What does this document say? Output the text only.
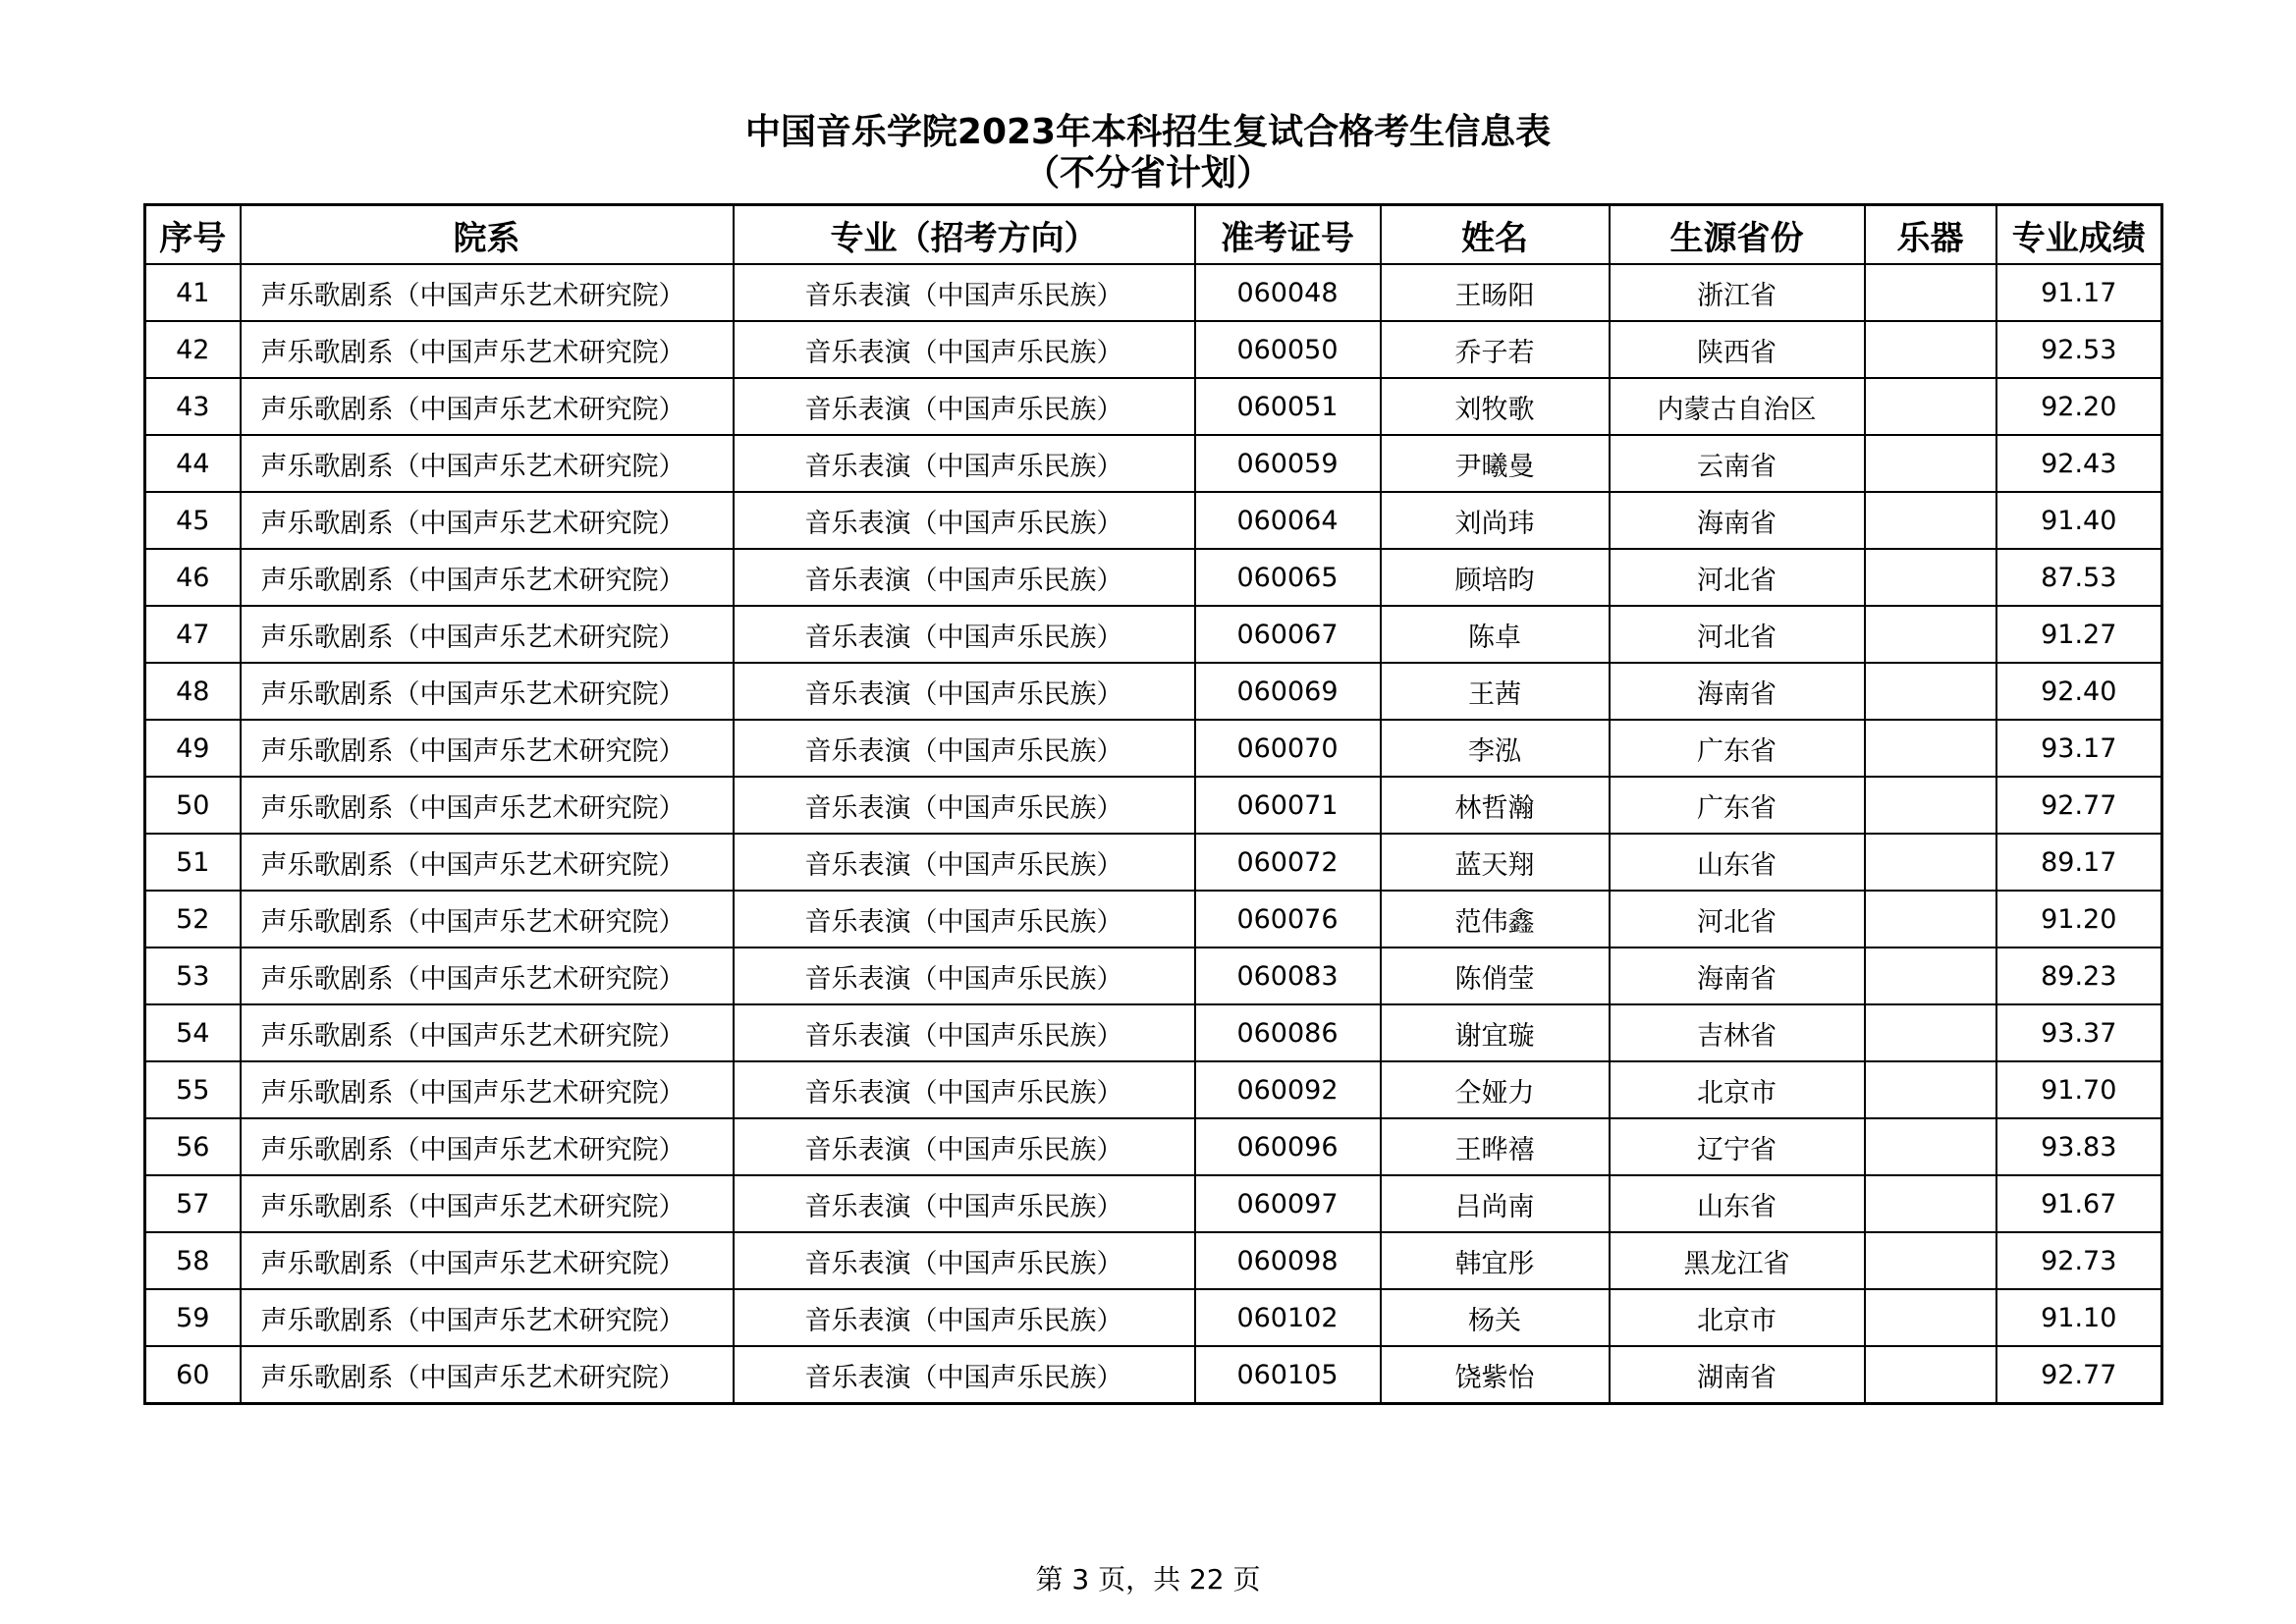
中国音乐学院2023年本科招生复试合格考生信息表
（不分省计划）
序号	院系	专业（招考方向）	准考证号	姓名	生源省份	乐器	专业成绩
41	声乐歌剧系（中国声乐艺术研究院）	音乐表演（中国声乐民族）	060048	王旸阳	浙江省		91.17
42	声乐歌剧系（中国声乐艺术研究院）	音乐表演（中国声乐民族）	060050	乔子若	陕西省		92.53
43	声乐歌剧系（中国声乐艺术研究院）	音乐表演（中国声乐民族）	060051	刘牧歌	内蒙古自治区		92.20
44	声乐歌剧系（中国声乐艺术研究院）	音乐表演（中国声乐民族）	060059	尹曦曼	云南省		92.43
45	声乐歌剧系（中国声乐艺术研究院）	音乐表演（中国声乐民族）	060064	刘尚玮	海南省		91.40
46	声乐歌剧系（中国声乐艺术研究院）	音乐表演（中国声乐民族）	060065	顾培昀	河北省		87.53
47	声乐歌剧系（中国声乐艺术研究院）	音乐表演（中国声乐民族）	060067	陈卓	河北省		91.27
48	声乐歌剧系（中国声乐艺术研究院）	音乐表演（中国声乐民族）	060069	王茜	海南省		92.40
49	声乐歌剧系（中国声乐艺术研究院）	音乐表演（中国声乐民族）	060070	李泓	广东省		93.17
50	声乐歌剧系（中国声乐艺术研究院）	音乐表演（中国声乐民族）	060071	林哲瀚	广东省		92.77
51	声乐歌剧系（中国声乐艺术研究院）	音乐表演（中国声乐民族）	060072	蓝天翔	山东省		89.17
52	声乐歌剧系（中国声乐艺术研究院）	音乐表演（中国声乐民族）	060076	范伟鑫	河北省		91.20
53	声乐歌剧系（中国声乐艺术研究院）	音乐表演（中国声乐民族）	060083	陈俏莹	海南省		89.23
54	声乐歌剧系（中国声乐艺术研究院）	音乐表演（中国声乐民族）	060086	谢宜璇	吉林省		93.37
55	声乐歌剧系（中国声乐艺术研究院）	音乐表演（中国声乐民族）	060092	仝娅力	北京市		91.70
56	声乐歌剧系（中国声乐艺术研究院）	音乐表演（中国声乐民族）	060096	王晔禧	辽宁省		93.83
57	声乐歌剧系（中国声乐艺术研究院）	音乐表演（中国声乐民族）	060097	吕尚南	山东省		91.67
58	声乐歌剧系（中国声乐艺术研究院）	音乐表演（中国声乐民族）	060098	韩宜彤	黑龙江省		92.73
59	声乐歌剧系（中国声乐艺术研究院）	音乐表演（中国声乐民族）	060102	杨关	北京市		91.10
60	声乐歌剧系（中国声乐艺术研究院）	音乐表演（中国声乐民族）	060105	饶紫怡	湖南省		92.77
第 3 页，共 22 页
